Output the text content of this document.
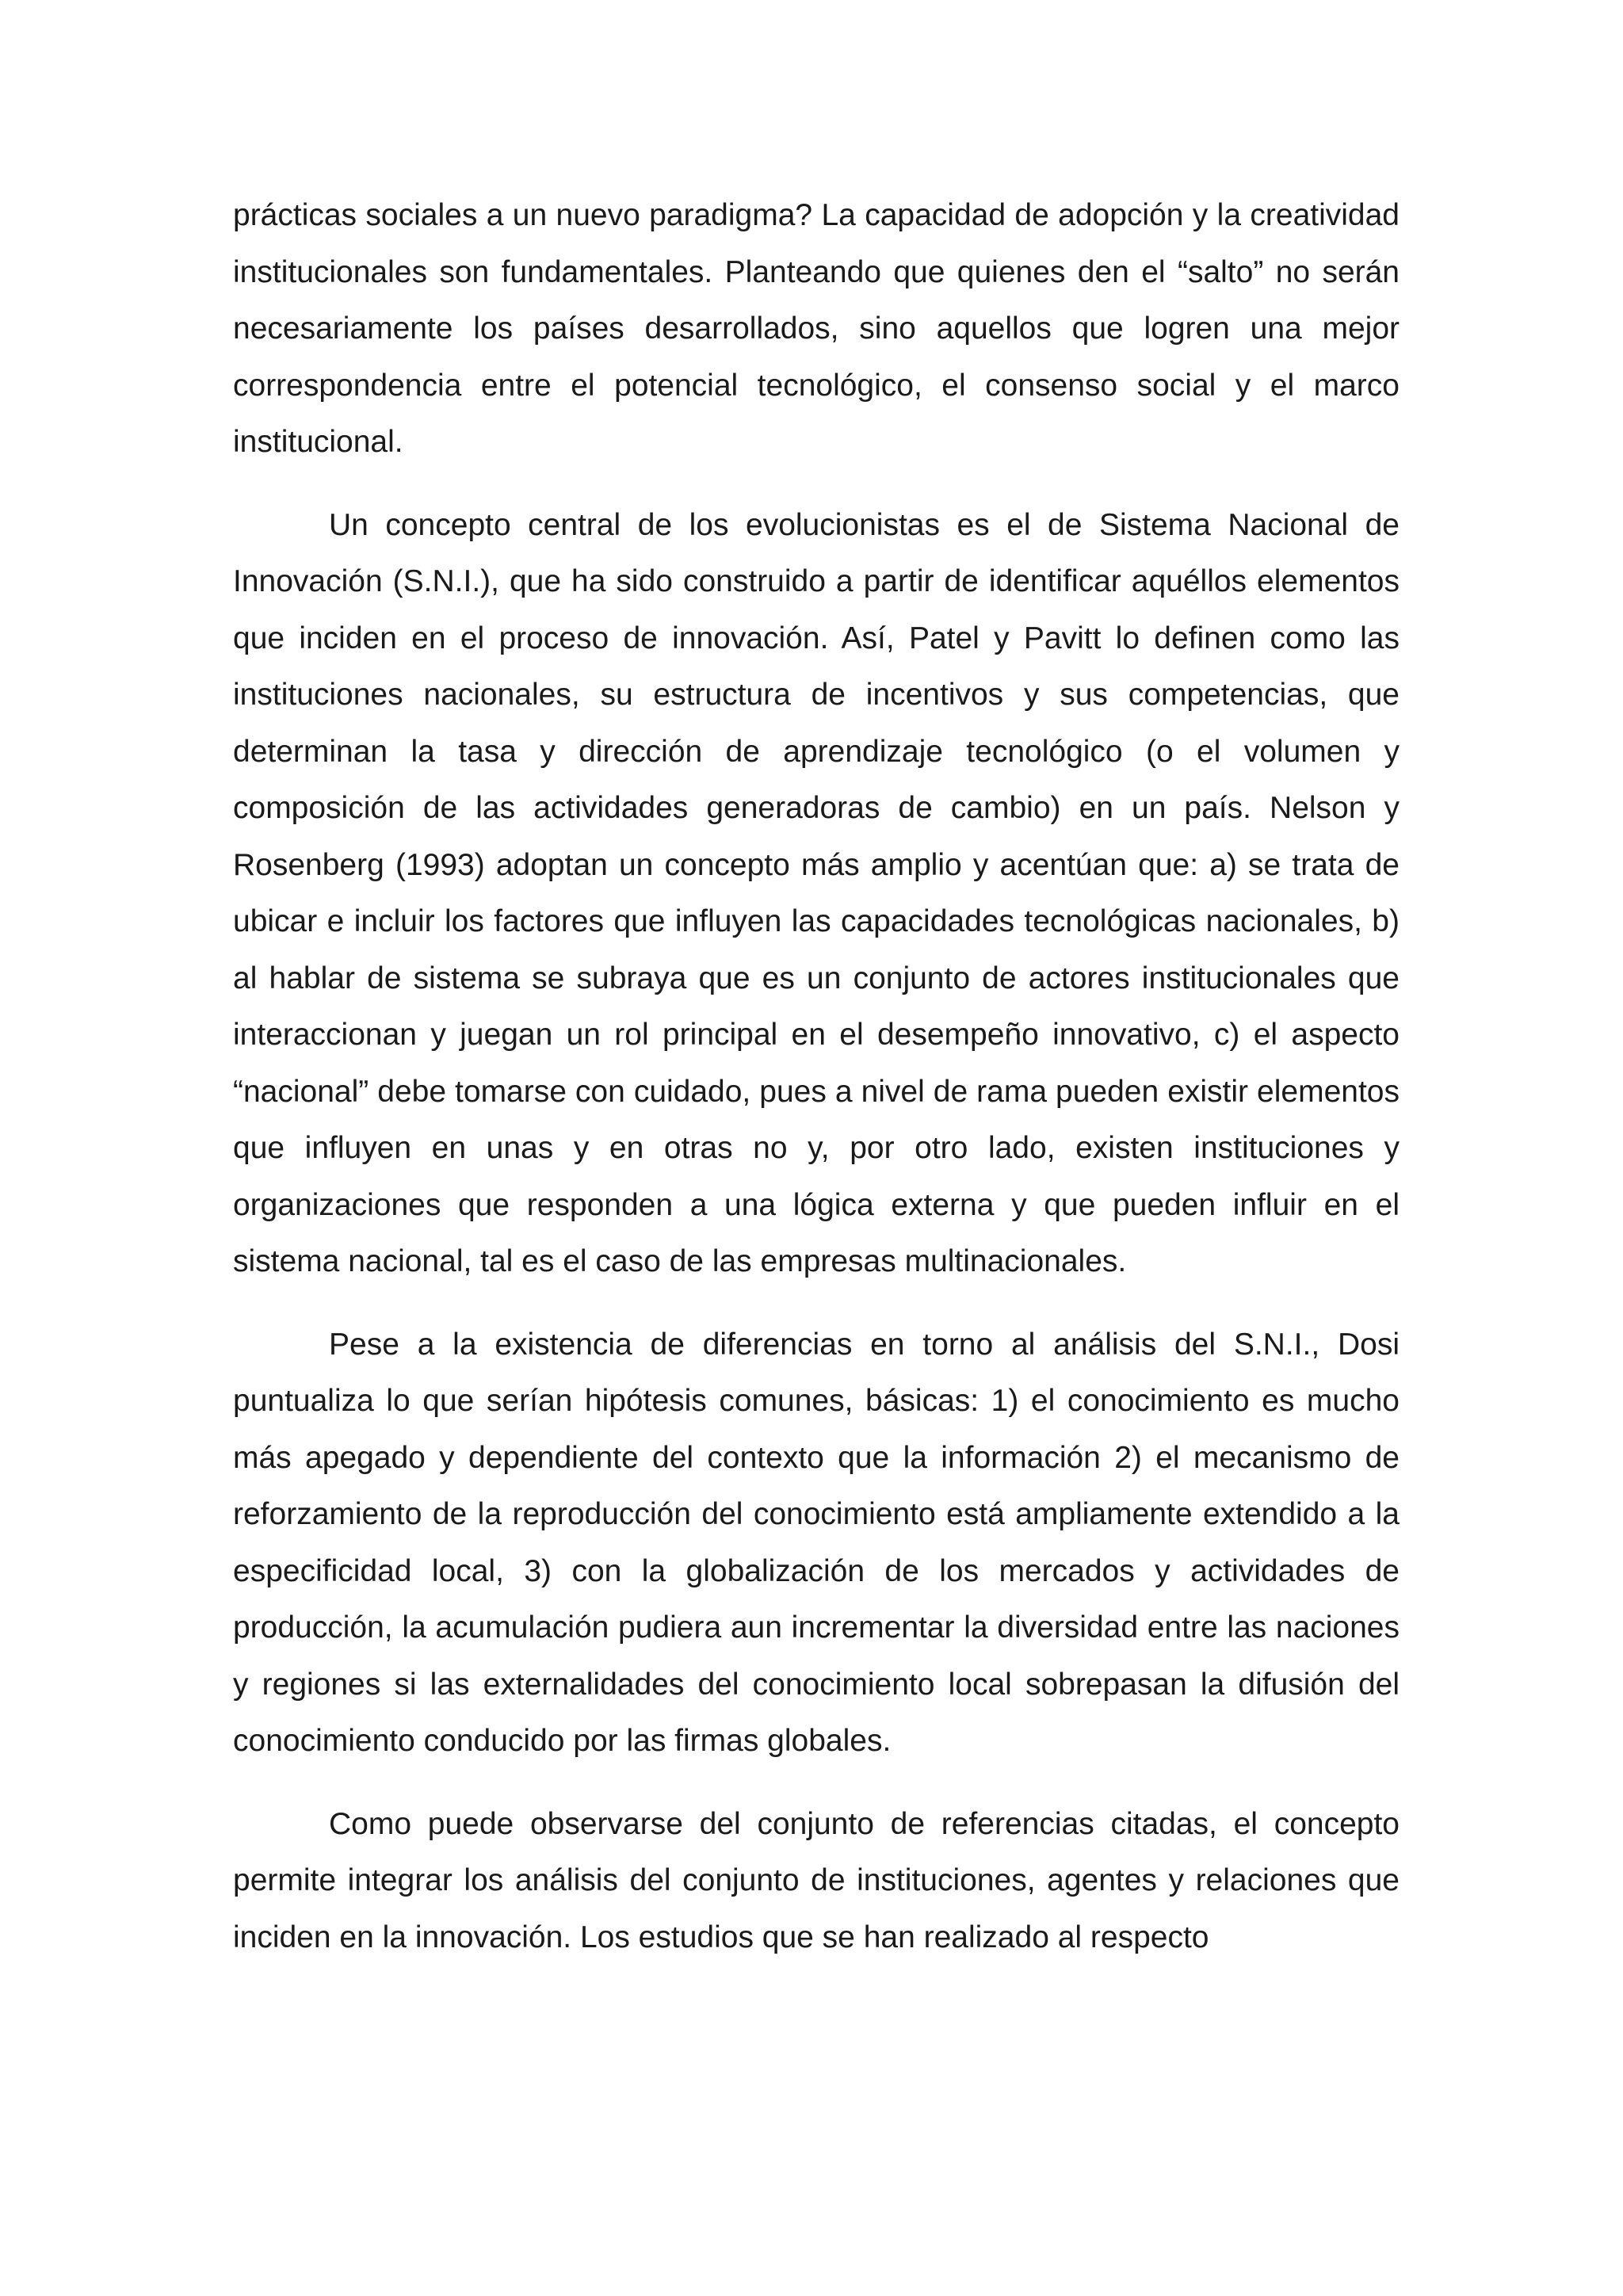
prácticas sociales a un nuevo paradigma? La capacidad de adopción y la creatividad institucionales son fundamentales. Planteando que quienes den el “salto” no serán necesariamente los países desarrollados, sino aquellos que logren una mejor correspondencia entre el potencial tecnológico, el consenso social y el marco institucional.

Un concepto central de los evolucionistas es el de Sistema Nacional de Innovación (S.N.I.), que ha sido construido a partir de identificar aquéllos elementos que inciden en el proceso de innovación. Así, Patel y Pavitt lo definen como las instituciones nacionales, su estructura de incentivos y sus competencias, que determinan la tasa y dirección de aprendizaje tecnológico (o el volumen y composición de las actividades generadoras de cambio) en un país. Nelson y Rosenberg (1993) adoptan un concepto más amplio y acentúan que: a) se trata de ubicar e incluir los factores que influyen las capacidades tecnológicas nacionales, b) al hablar de sistema se subraya que es un conjunto de actores institucionales que interaccionan y juegan un rol principal en el desempeño innovativo, c) el aspecto “nacional” debe tomarse con cuidado, pues a nivel de rama pueden existir elementos que influyen en unas y en otras no y, por otro lado, existen instituciones y organizaciones que responden a una lógica externa y que pueden influir en el sistema nacional, tal es el caso de las empresas multinacionales.

Pese a la existencia de diferencias en torno al análisis del S.N.I., Dosi puntualiza lo que serían hipótesis comunes, básicas: 1) el conocimiento es mucho más apegado y dependiente del contexto que la información 2) el mecanismo de reforzamiento de la reproducción del conocimiento está ampliamente extendido a la especificidad local, 3) con la globalización de los mercados y actividades de producción, la acumulación pudiera aun incrementar la diversidad entre las naciones y regiones si las externalidades del conocimiento local sobrepasan la difusión del conocimiento conducido por las firmas globales.

Como puede observarse del conjunto de referencias citadas, el concepto permite integrar los análisis del conjunto de instituciones, agentes y relaciones que inciden en la innovación. Los estudios que se han realizado al respecto
